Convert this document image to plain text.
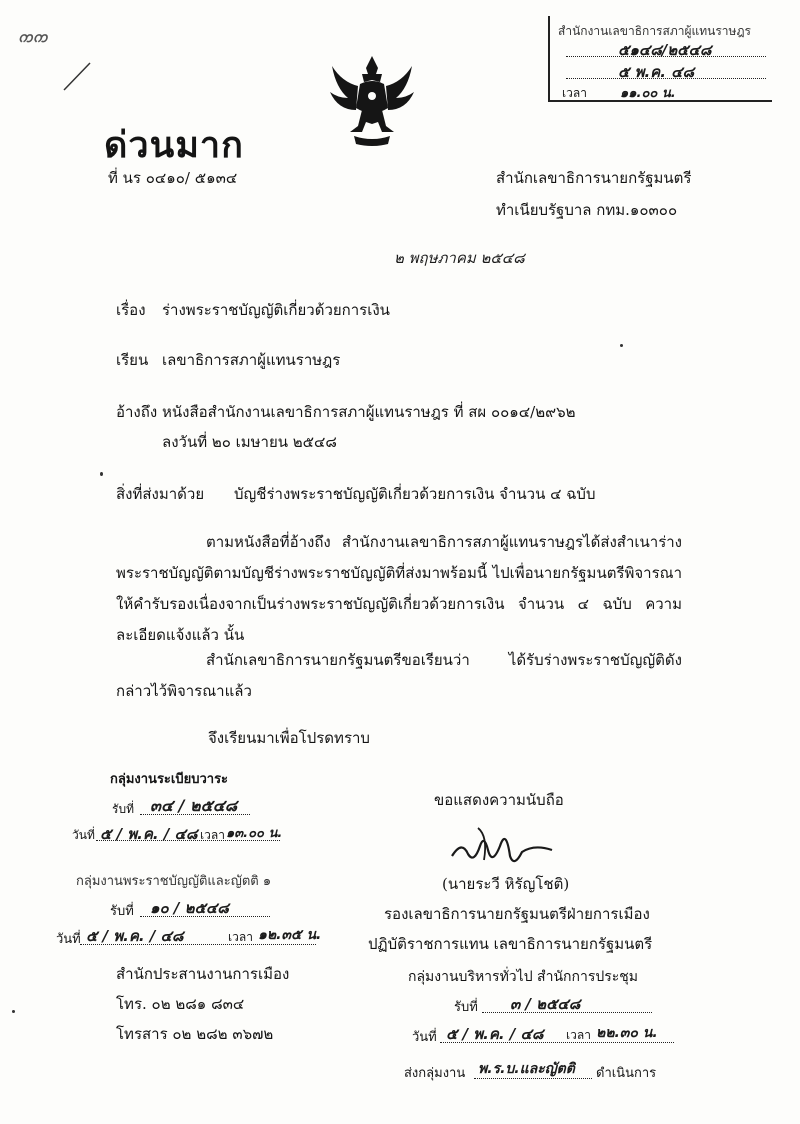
ᨠᨠ	สำนักงานเลขาธิการสภาผู้แทนราษฎร
๕๑๔๘/๒๕๔๘
๕ พ.ค. ๔๘
เวลา	๑๑.๐๐ น.
ด่วนมาก
ที่ นร ๐๔๑๐/ ๕๑๓๔	สำนักเลขาธิการนายกรัฐมนตรี
ทำเนียบรัฐบาล กทม.๑๐๓๐๐
๒ พฤษภาคม ๒๕๔๘
เรื่อง ร่างพระราชบัญญัติเกี่ยวด้วยการเงิน
เรียน เลขาธิการสภาผู้แทนราษฎร
อ้างถึง หนังสือสำนักงานเลขาธิการสภาผู้แทนราษฎร ที่ สผ ๐๐๑๔/๒๙๖๒
ลงวันที่ ๒๐ เมษายน ๒๕๔๘
สิ่งที่ส่งมาด้วย บัญชีร่างพระราชบัญญัติเกี่ยวด้วยการเงิน จำนวน ๔ ฉบับ
ตามหนังสือที่อ้างถึง สำนักงานเลขาธิการสภาผู้แทนราษฎรได้ส่งสำเนาร่างพระราชบัญญัติตามบัญชีร่างพระราชบัญญัติที่ส่งมาพร้อมนี้ ไปเพื่อนายกรัฐมนตรีพิจารณาให้คำรับรองเนื่องจากเป็นร่างพระราชบัญญัติเกี่ยวด้วยการเงิน จำนวน ๔ ฉบับ ความละเอียดแจ้งแล้ว นั้น
สำนักเลขาธิการนายกรัฐมนตรีขอเรียนว่า ได้รับร่างพระราชบัญญัติดังกล่าวไว้พิจารณาแล้ว
จึงเรียนมาเพื่อโปรดทราบ
กลุ่มงานระเบียบวาระ
รับที่ ๓๔ / ๒๕๔๘
วันที่ ๕ / พ.ค. / ๔๘ เวลา ๑๓.๐๐ น.
กลุ่มงานพระราชบัญญัติและญัตติ ๑
รับที่ ๑๐ / ๒๕๔๘
วันที่ ๕ / พ.ค. / ๔๘	เวลา ๑๒.๓๕ น.
สำนักประสานงานการเมือง
โทร. ๐๒ ๒๘๑ ๘๓๔
โทรสาร ๐๒ ๒๘๒ ๓๖๗๒
ขอแสดงความนับถือ
(นายระวี หิรัญโชติ)
รองเลขาธิการนายกรัฐมนตรีฝ่ายการเมือง
ปฏิบัติราชการแทน เลขาธิการนายกรัฐมนตรี
กลุ่มงานบริหารทั่วไป สำนักการประชุม
รับที่ ๓ / ๒๕๔๘
วันที่ ๕ / พ.ค. / ๔๘ เวลา ๒๒.๓๐ น.
ส่งกลุ่มงาน พ.ร.บ.และญัตติ ดำเนินการ
